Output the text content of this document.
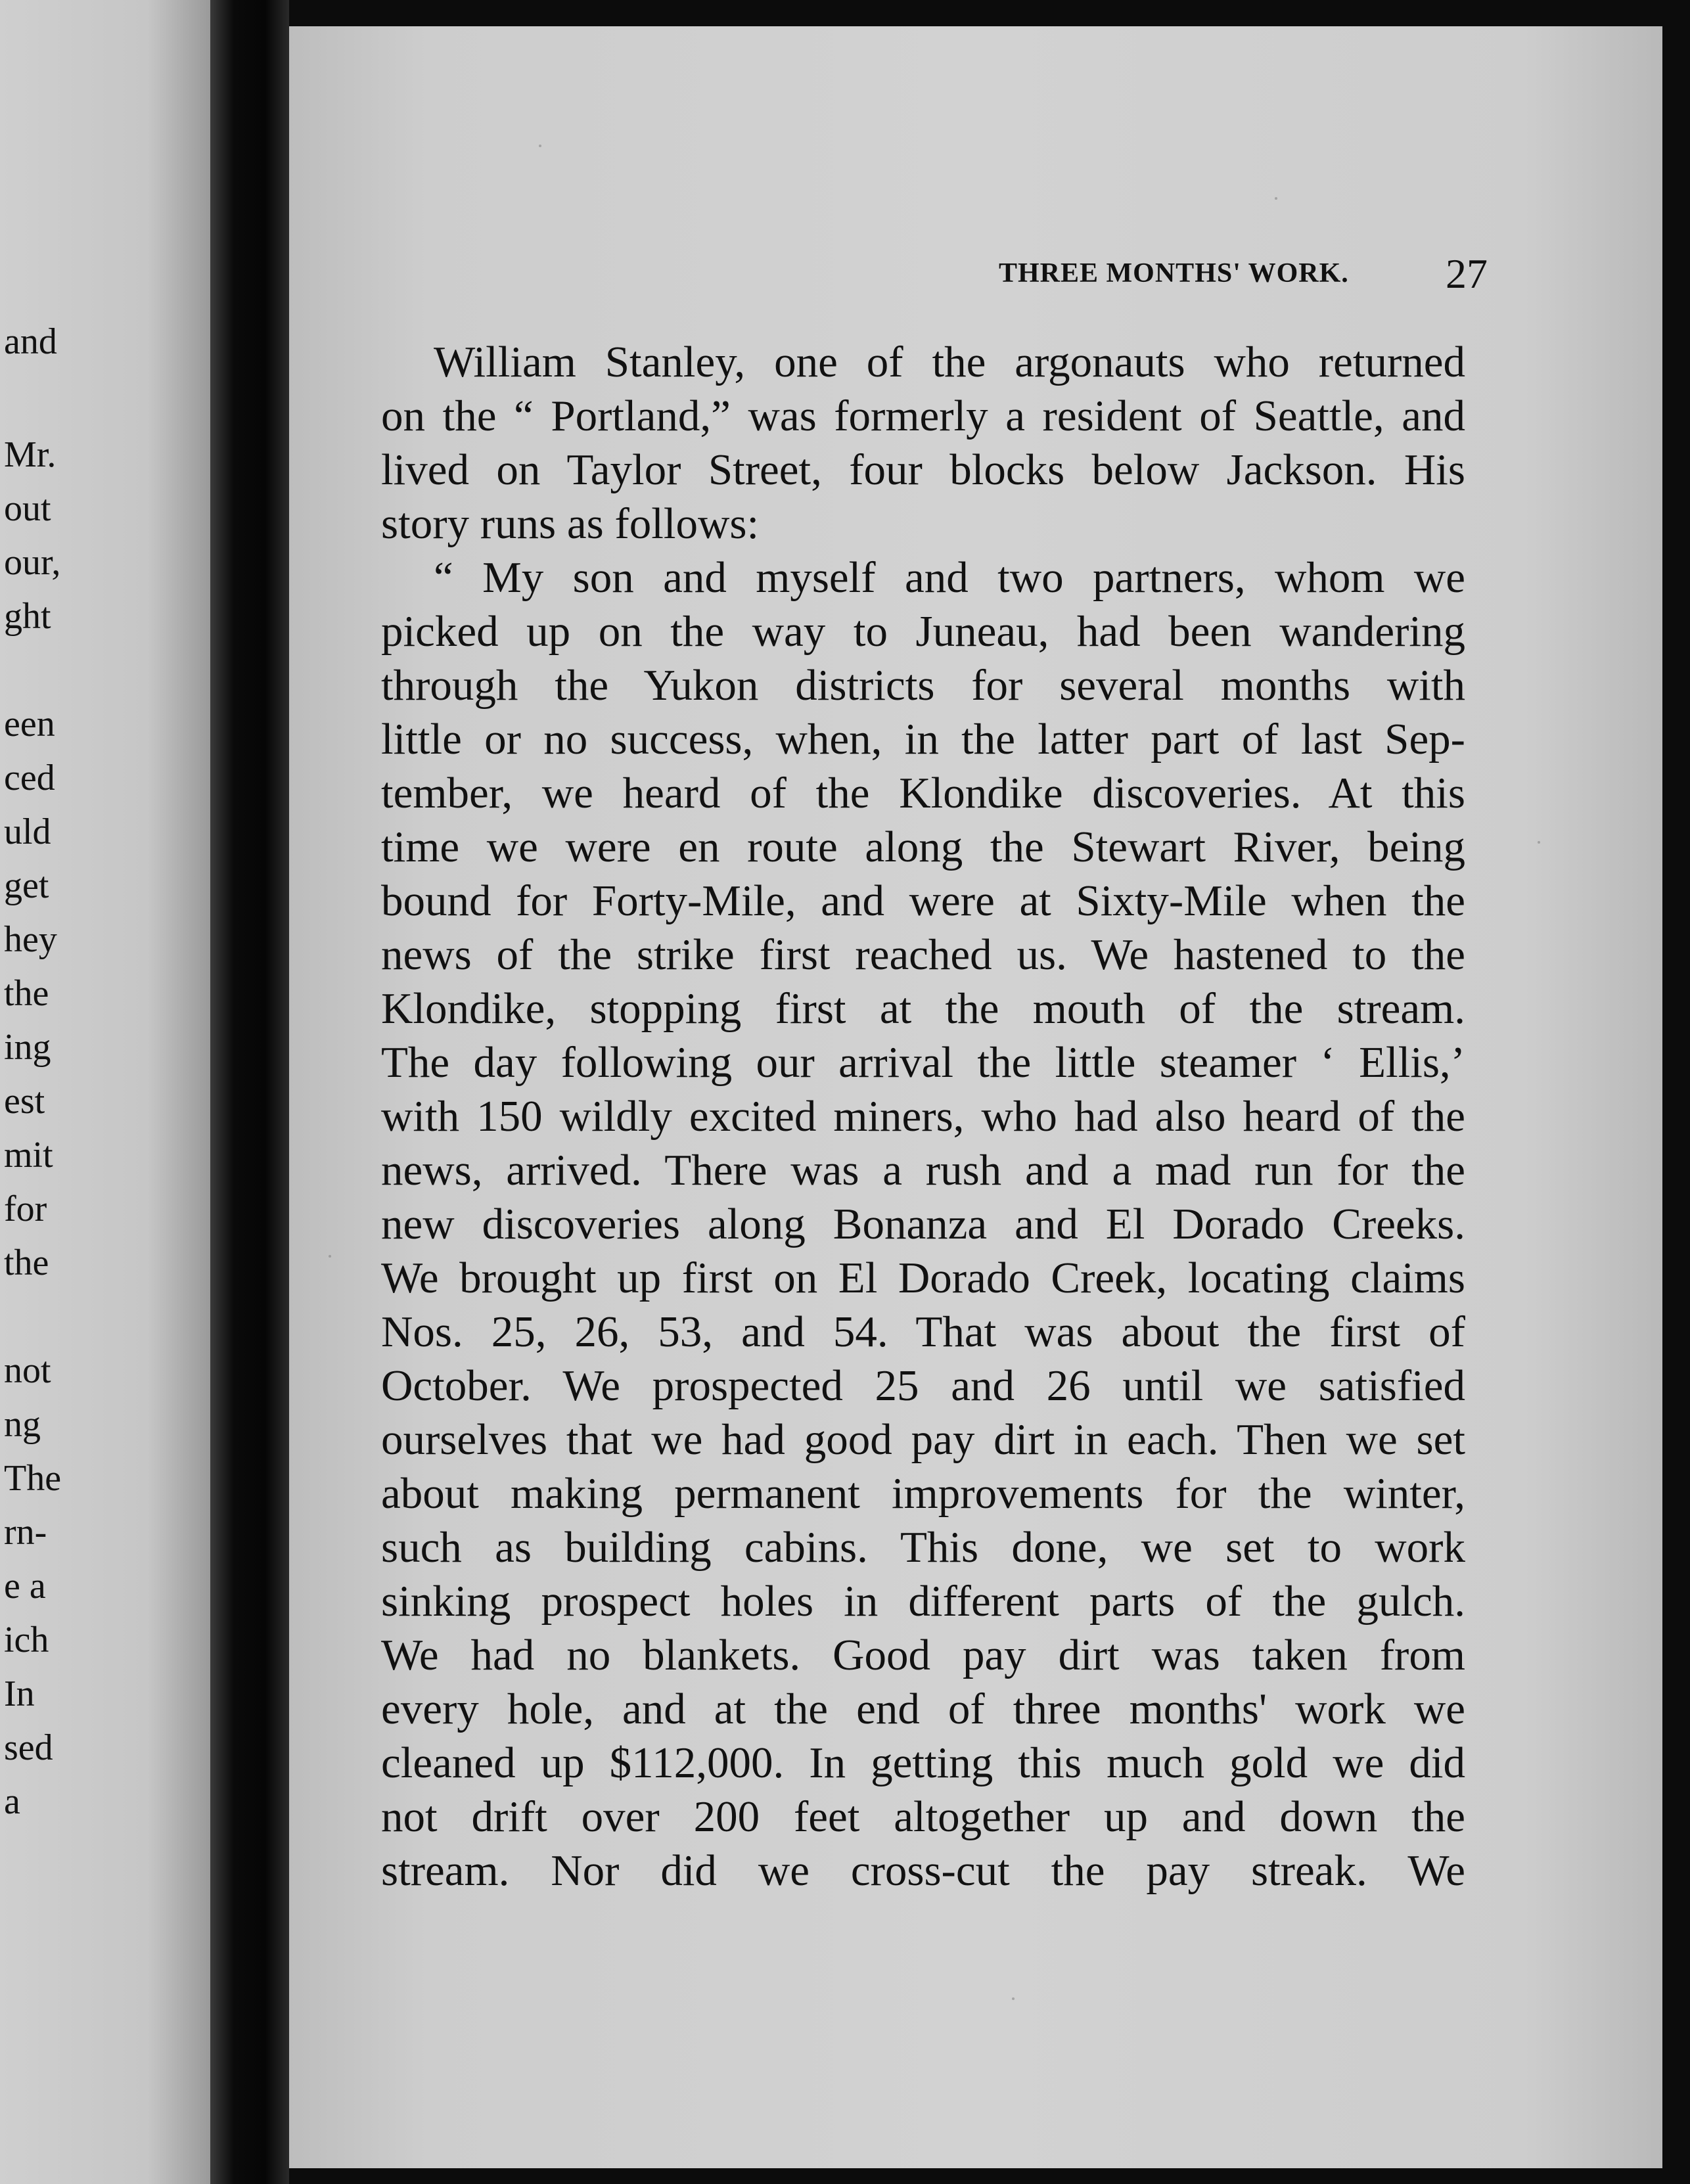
and
Mr.
out
our,
ght
een
ced
uld
get
hey
the
ing
est
mit
for
the
not
ng
The
rn-
e a
ich
In
sed
a
THREE MONTHS' WORK. 27
William Stanley, one of the argonauts who returned
on the “ Portland,” was formerly a resident of Seattle, and
lived on Taylor Street, four blocks below Jackson. His
story runs as follows:
“ My son and myself and two partners, whom we
picked up on the way to Juneau, had been wandering
through the Yukon districts for several months with
little or no success, when, in the latter part of last Sep-
tember, we heard of the Klondike discoveries. At this
time we were en route along the Stewart River, being
bound for Forty-Mile, and were at Sixty-Mile when the
news of the strike first reached us. We hastened to the
Klondike, stopping first at the mouth of the stream.
The day following our arrival the little steamer ‘ Ellis,’
with 150 wildly excited miners, who had also heard of the
news, arrived. There was a rush and a mad run for the
new discoveries along Bonanza and El Dorado Creeks.
We brought up first on El Dorado Creek, locating claims
Nos. 25, 26, 53, and 54. That was about the first of
October. We prospected 25 and 26 until we satisfied
ourselves that we had good pay dirt in each. Then we set
about making permanent improvements for the winter,
such as building cabins. This done, we set to work
sinking prospect holes in different parts of the gulch.
We had no blankets. Good pay dirt was taken from
every hole, and at the end of three months' work we
cleaned up $112,000. In getting this much gold we did
not drift over 200 feet altogether up and down the
stream. Nor did we cross-cut the pay streak. We
